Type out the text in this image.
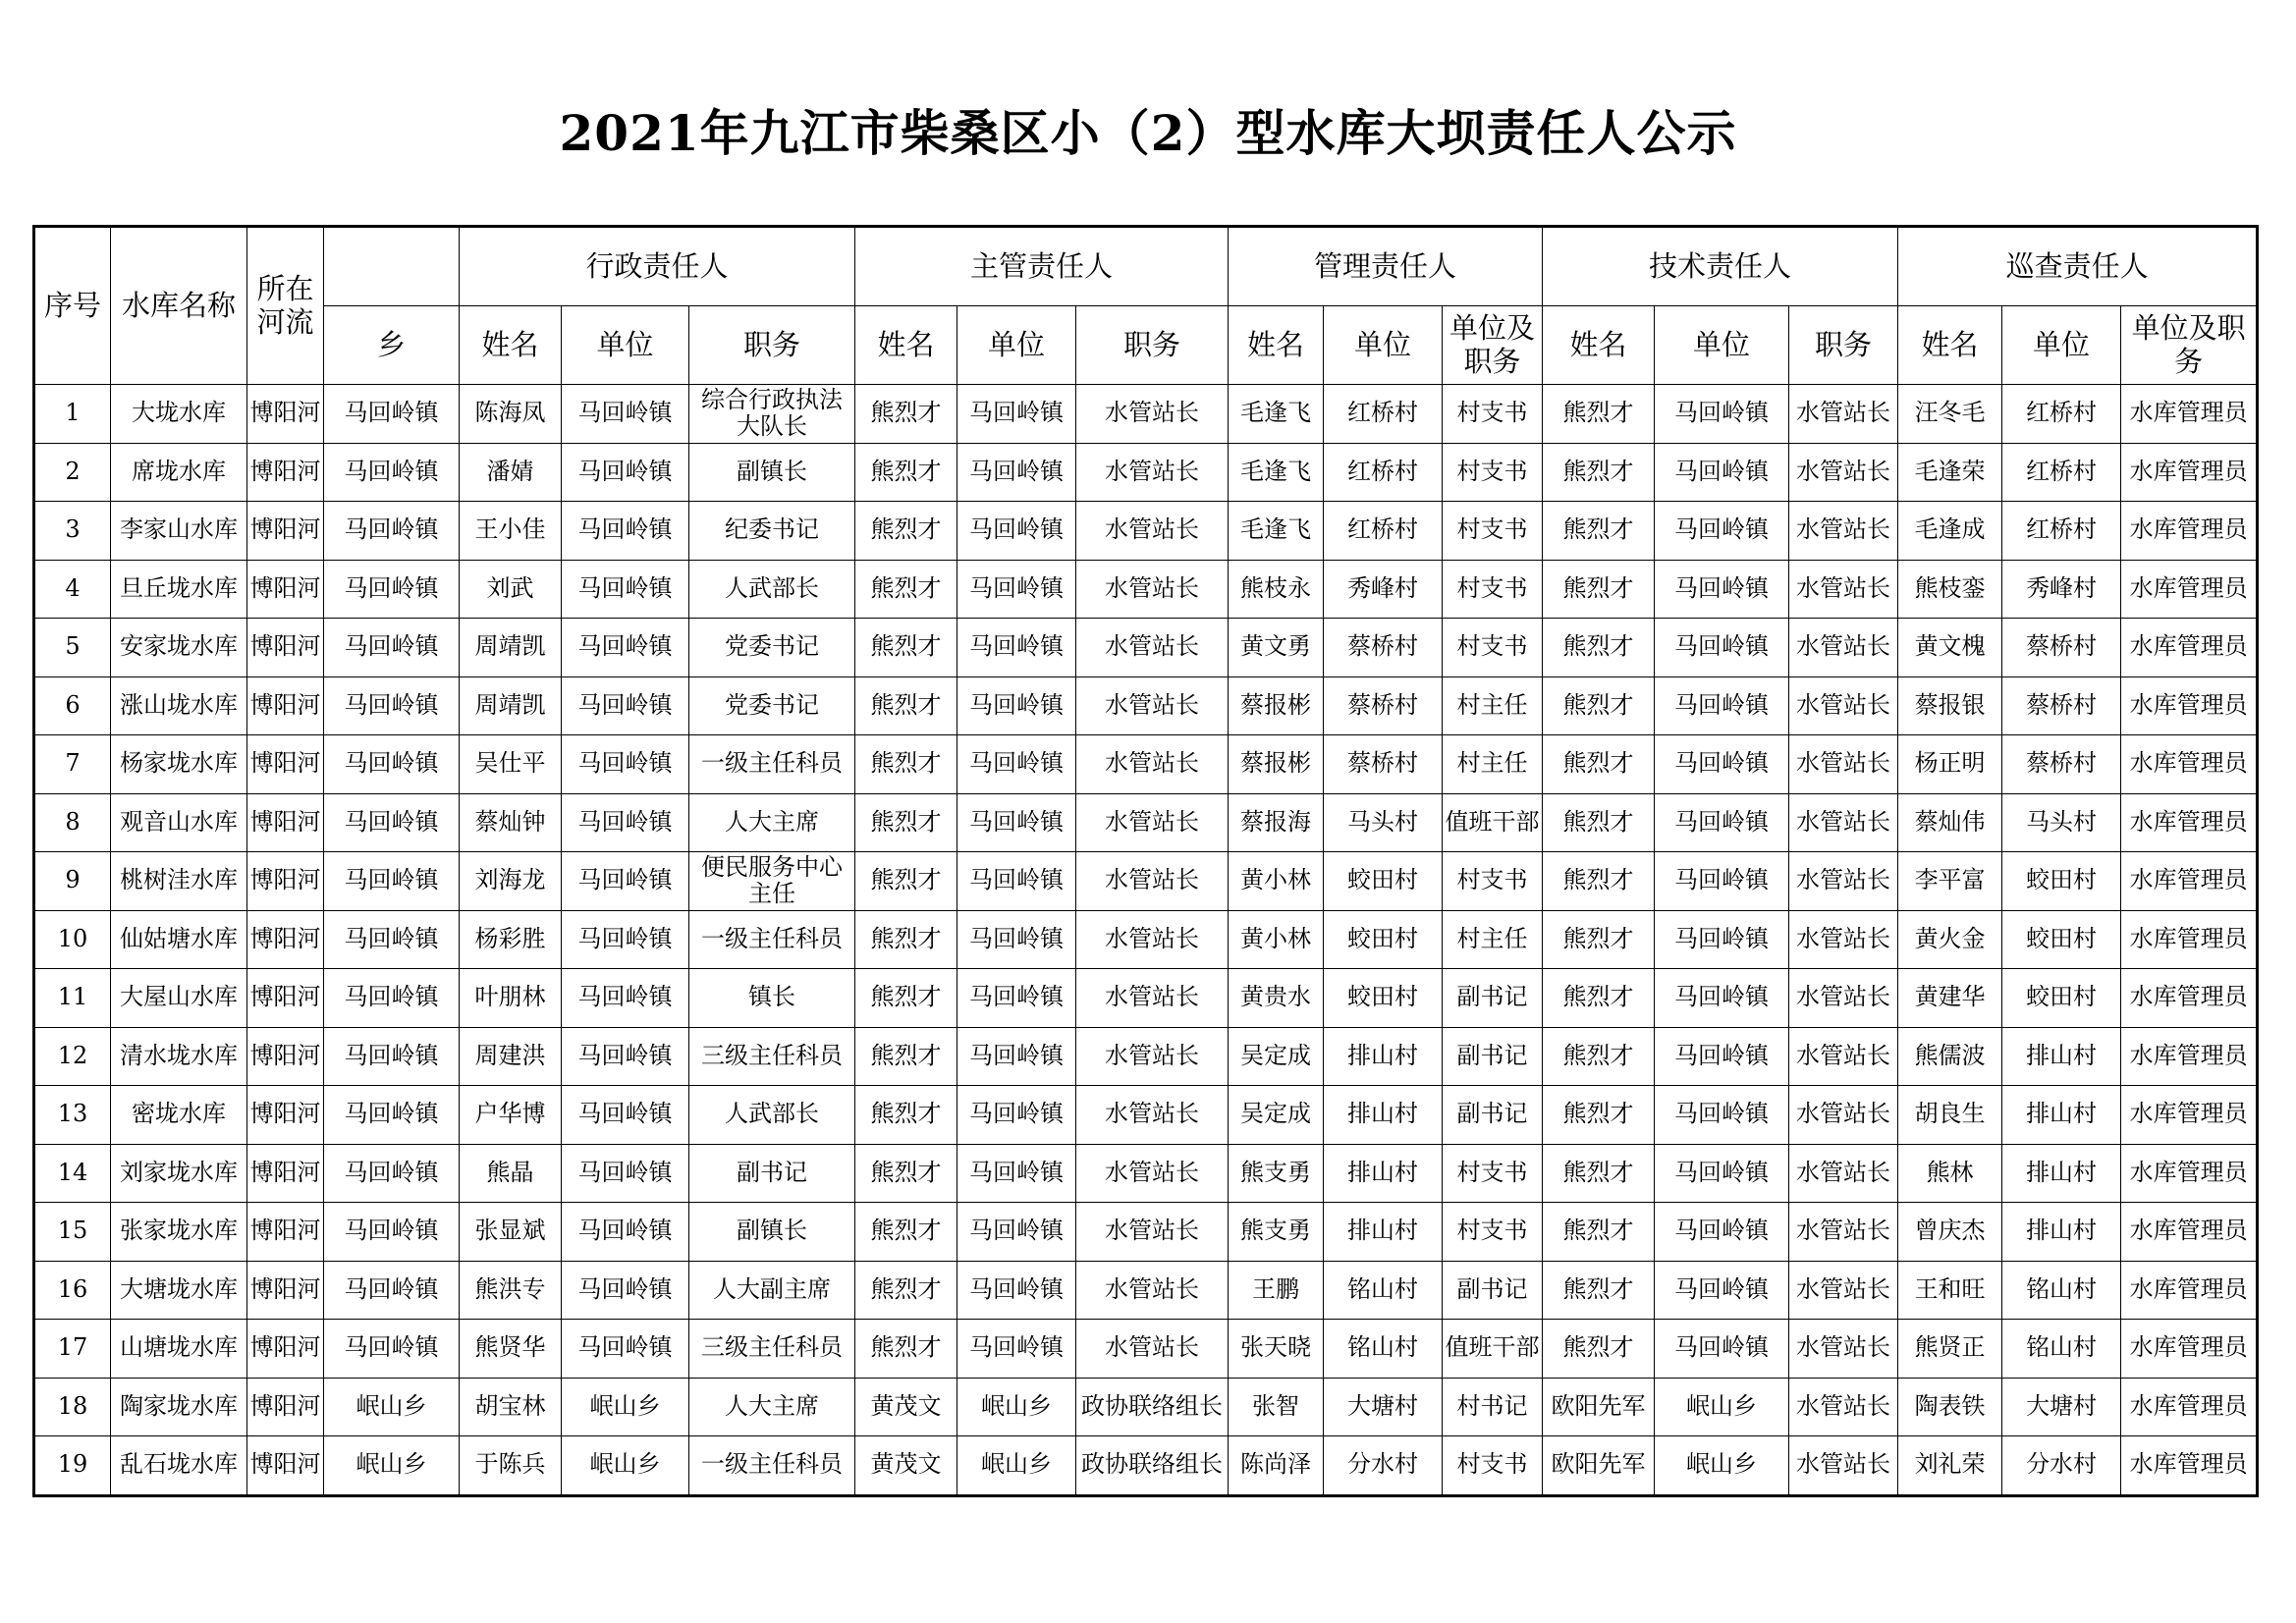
2021年九江市柴桑区小（2）型水库大坝责任人公示
序号	水库名称	所在河流		行政责任人			主管责任人			管理责任人			技术责任人			巡查责任人		
			乡	姓名	单位	职务	姓名	单位	职务	姓名	单位	单位及职务	姓名	单位	职务	姓名	单位	单位及职务
1	大垅水库	博阳河	马回岭镇	陈海凤	马回岭镇	综合行政执法大队长	熊烈才	马回岭镇	水管站长	毛逢飞	红桥村	村支书	熊烈才	马回岭镇	水管站长	汪冬毛	红桥村	水库管理员
2	席垅水库	博阳河	马回岭镇	潘婧	马回岭镇	副镇长	熊烈才	马回岭镇	水管站长	毛逢飞	红桥村	村支书	熊烈才	马回岭镇	水管站长	毛逢荣	红桥村	水库管理员
3	李家山水库	博阳河	马回岭镇	王小佳	马回岭镇	纪委书记	熊烈才	马回岭镇	水管站长	毛逢飞	红桥村	村支书	熊烈才	马回岭镇	水管站长	毛逢成	红桥村	水库管理员
4	旦丘垅水库	博阳河	马回岭镇	刘武	马回岭镇	人武部长	熊烈才	马回岭镇	水管站长	熊枝永	秀峰村	村支书	熊烈才	马回岭镇	水管站长	熊枝銮	秀峰村	水库管理员
5	安家垅水库	博阳河	马回岭镇	周靖凯	马回岭镇	党委书记	熊烈才	马回岭镇	水管站长	黄文勇	蔡桥村	村支书	熊烈才	马回岭镇	水管站长	黄文槐	蔡桥村	水库管理员
6	涨山垅水库	博阳河	马回岭镇	周靖凯	马回岭镇	党委书记	熊烈才	马回岭镇	水管站长	蔡报彬	蔡桥村	村主任	熊烈才	马回岭镇	水管站长	蔡报银	蔡桥村	水库管理员
7	杨家垅水库	博阳河	马回岭镇	吴仕平	马回岭镇	一级主任科员	熊烈才	马回岭镇	水管站长	蔡报彬	蔡桥村	村主任	熊烈才	马回岭镇	水管站长	杨正明	蔡桥村	水库管理员
8	观音山水库	博阳河	马回岭镇	蔡灿钟	马回岭镇	人大主席	熊烈才	马回岭镇	水管站长	蔡报海	马头村	值班干部	熊烈才	马回岭镇	水管站长	蔡灿伟	马头村	水库管理员
9	桃树洼水库	博阳河	马回岭镇	刘海龙	马回岭镇	便民服务中心主任	熊烈才	马回岭镇	水管站长	黄小林	蛟田村	村支书	熊烈才	马回岭镇	水管站长	李平富	蛟田村	水库管理员
10	仙姑塘水库	博阳河	马回岭镇	杨彩胜	马回岭镇	一级主任科员	熊烈才	马回岭镇	水管站长	黄小林	蛟田村	村主任	熊烈才	马回岭镇	水管站长	黄火金	蛟田村	水库管理员
11	大屋山水库	博阳河	马回岭镇	叶朋林	马回岭镇	镇长	熊烈才	马回岭镇	水管站长	黄贵水	蛟田村	副书记	熊烈才	马回岭镇	水管站长	黄建华	蛟田村	水库管理员
12	清水垅水库	博阳河	马回岭镇	周建洪	马回岭镇	三级主任科员	熊烈才	马回岭镇	水管站长	吴定成	排山村	副书记	熊烈才	马回岭镇	水管站长	熊儒波	排山村	水库管理员
13	密垅水库	博阳河	马回岭镇	户华博	马回岭镇	人武部长	熊烈才	马回岭镇	水管站长	吴定成	排山村	副书记	熊烈才	马回岭镇	水管站长	胡良生	排山村	水库管理员
14	刘家垅水库	博阳河	马回岭镇	熊晶	马回岭镇	副书记	熊烈才	马回岭镇	水管站长	熊支勇	排山村	村支书	熊烈才	马回岭镇	水管站长	熊林	排山村	水库管理员
15	张家垅水库	博阳河	马回岭镇	张显斌	马回岭镇	副镇长	熊烈才	马回岭镇	水管站长	熊支勇	排山村	村支书	熊烈才	马回岭镇	水管站长	曾庆杰	排山村	水库管理员
16	大塘垅水库	博阳河	马回岭镇	熊洪专	马回岭镇	人大副主席	熊烈才	马回岭镇	水管站长	王鹏	铭山村	副书记	熊烈才	马回岭镇	水管站长	王和旺	铭山村	水库管理员
17	山塘垅水库	博阳河	马回岭镇	熊贤华	马回岭镇	三级主任科员	熊烈才	马回岭镇	水管站长	张天晓	铭山村	值班干部	熊烈才	马回岭镇	水管站长	熊贤正	铭山村	水库管理员
18	陶家垅水库	博阳河	岷山乡	胡宝林	岷山乡	人大主席	黄茂文	岷山乡	政协联络组长	张智	大塘村	村书记	欧阳先军	岷山乡	水管站长	陶表铁	大塘村	水库管理员
19	乱石垅水库	博阳河	岷山乡	于陈兵	岷山乡	一级主任科员	黄茂文	岷山乡	政协联络组长	陈尚泽	分水村	村支书	欧阳先军	岷山乡	水管站长	刘礼荣	分水村	水库管理员
